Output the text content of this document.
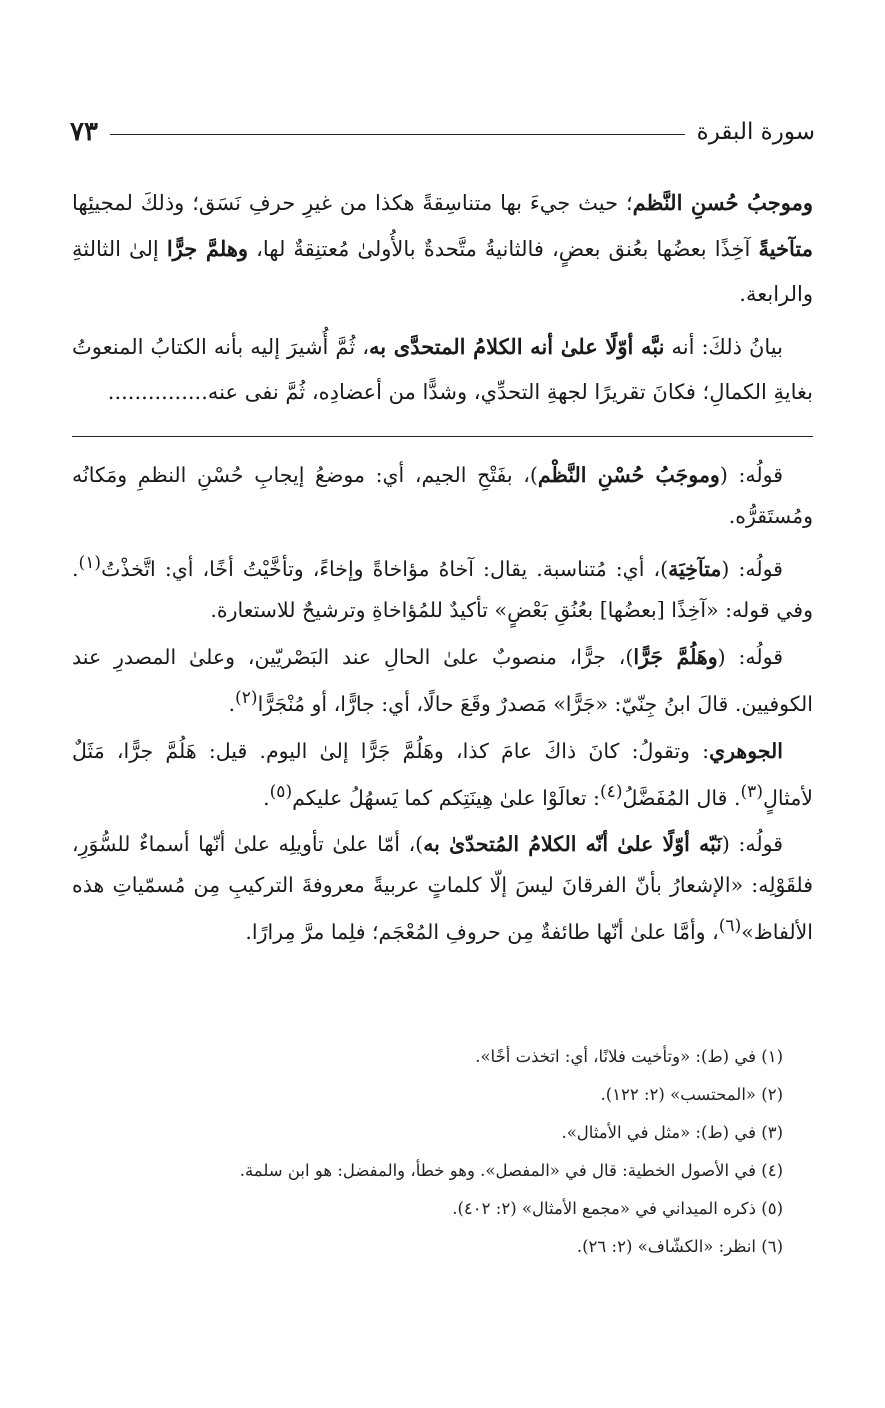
سورة البقرة
٧٣

وموجبُ حُسنِ النَّظم؛ حيث جيءَ بها متناسِقةً هكذا من غيرِ حرفِ نَسَق؛ وذلكَ لمجيئِها متآخيةً آخِذًا بعضُها بعُنق بعضٍ، فالثانيةُ متَّحدةٌ بالأُولىٰ مُعتنِقةٌ لها، وهلمَّ جرًّا إلىٰ الثالثةِ والرابعة.

بيانُ ذلكَ: أنه نبَّه أوّلًا علىٰ أنه الكلامُ المتحدَّى به، ثُمَّ أُشيرَ إليه بأنه الكتابُ المنعوتُ بغايةِ الكمالِ؛ فكانَ تقريرًا لجهةِ التحدِّي، وشدًّا من أعضادِه، ثُمَّ نفى عنه...............

قولُه: (وموجَبُ حُسْنِ النَّظْم)، بفَتْحِ الجيم، أي: موضعُ إيجابِ حُسْنِ النظمِ ومَكانُه ومُستَقرُّه.

قولُه: (متآخِيَة)، أي: مُتناسبة. يقال: آخاهُ مؤاخاةً وإخاءً، وتأخَّيْتُ أخًا، أي: اتَّخذْتُ$^{(١)}$. وفي قوله: «آخِذًا [بعضُها] بعُنُقِ بَعْضٍ» تأكيدٌ للمُؤاخاةِ وترشيحٌ للاستعارة.

قولُه: (وهَلُمَّ جَرًّا)، جرًّا، منصوبٌ علىٰ الحالِ عند البَصْريّين، وعلىٰ المصدرِ عند الكوفيين. قالَ ابنُ جِنّيّ: «جَرًّا» مَصدرٌ وقَعَ حالًا، أي: جارًّا، أو مُنْجَرًّا$^{(٢)}$.

الجوهري: وتقولُ: كانَ ذاكَ عامَ كذا، وهَلُمَّ جَرًّا إلىٰ اليوم. قيل: هَلُمَّ جرًّا، مَثَلٌ لأمثالٍ$^{(٣)}$. قال المُفَضَّلُ$^{(٤)}$: تعالَوْا علىٰ هِينَتِكم كما يَسهُلُ عليكم$^{(٥)}$.

قولُه: (نَبّه أوّلًا علىٰ أنّه الكلامُ المُتحدّىٰ به)، أمّا علىٰ تأويلِه علىٰ أنّها أسماءٌ للسُّوَرِ، فلقَوْلِه: «الإشعارُ بأنّ الفرقانَ ليسَ إلّا كلماتٍ عربيةً معروفةَ التركيبِ مِن مُسمّياتِ هذه الألفاظ»$^{(٦)}$، وأمَّا علىٰ أنّها طائفةٌ مِن حروفِ المُعْجَم؛ فلِما مرَّ مِرارًا.

(١) في (ط): «وتأخيت فلانًا، أي: اتخذت أخًا».

(٢) «المحتسب» (٢: ١٢٢).

(٣) في (ط): «مثل في الأمثال».

(٤) في الأصول الخطية: قال في «المفصل». وهو خطأ، والمفضل: هو ابن سلمة.

(٥) ذكره الميداني في «مجمع الأمثال» (٢: ٤٠٢).

(٦) انظر: «الكشّاف» (٢: ٢٦).
